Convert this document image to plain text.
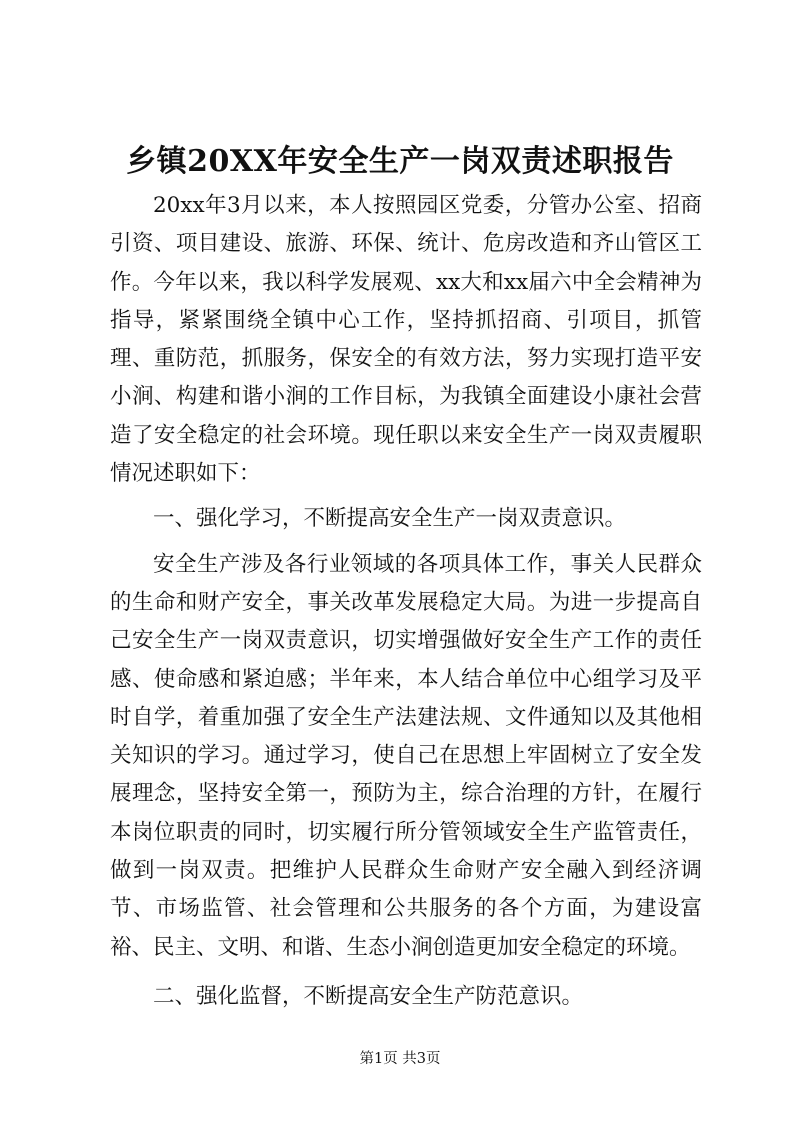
乡镇20XX年安全生产一岗双责述职报告

20xx年3月以来，本人按照园区党委，分管办公室、招商引资、项目建设、旅游、环保、统计、危房改造和齐山管区工作。今年以来，我以科学发展观、xx大和xx届六中全会精神为指导，紧紧围绕全镇中心工作，坚持抓招商、引项目，抓管理、重防范，抓服务，保安全的有效方法，努力实现打造平安小涧、构建和谐小涧的工作目标，为我镇全面建设小康社会营造了安全稳定的社会环境。现任职以来安全生产一岗双责履职情况述职如下：

一、强化学习，不断提高安全生产一岗双责意识。

安全生产涉及各行业领域的各项具体工作，事关人民群众的生命和财产安全，事关改革发展稳定大局。为进一步提高自己安全生产一岗双责意识，切实增强做好安全生产工作的责任感、使命感和紧迫感；半年来，本人结合单位中心组学习及平时自学，着重加强了安全生产法建法规、文件通知以及其他相关知识的学习。通过学习，使自己在思想上牢固树立了安全发展理念，坚持安全第一，预防为主，综合治理的方针，在履行本岗位职责的同时，切实履行所分管领域安全生产监管责任，做到一岗双责。把维护人民群众生命财产安全融入到经济调节、市场监管、社会管理和公共服务的各个方面，为建设富裕、民主、文明、和谐、生态小涧创造更加安全稳定的环境。

二、强化监督，不断提高安全生产防范意识。

第1页 共3页
